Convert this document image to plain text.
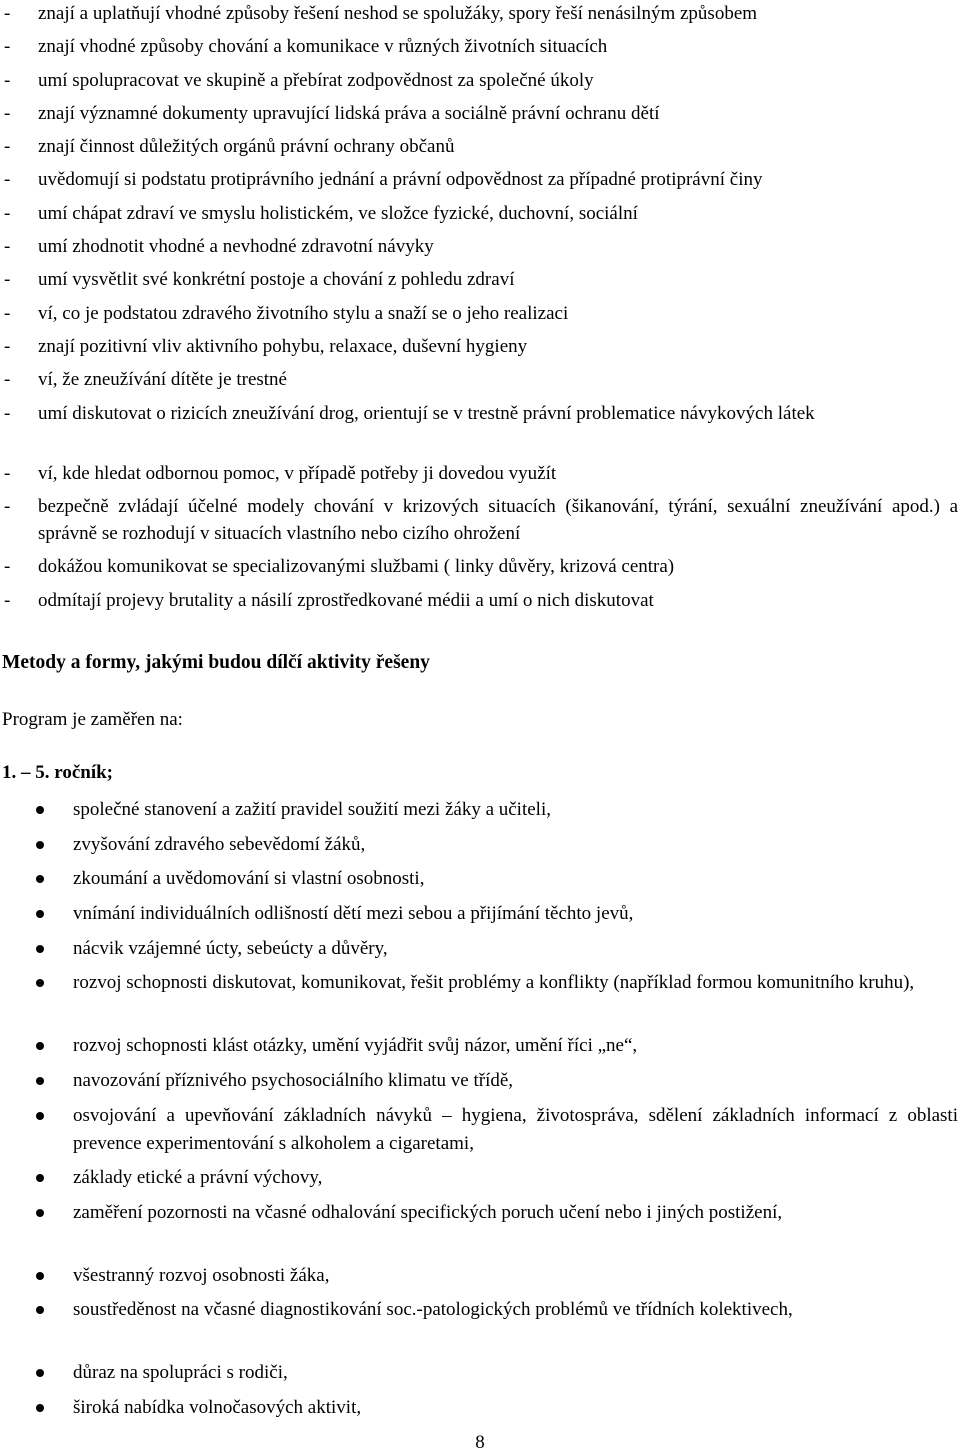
- znají a uplatňují vhodné způsoby řešení neshod se spolužáky, spory řeší nenásilným způsobem
- znají vhodné způsoby chování a komunikace v různých životních situacích
- umí spolupracovat ve skupině a přebírat zodpovědnost za společné úkoly
- znají významné dokumenty upravující lidská práva a sociálně právní ochranu dětí
- znají činnost důležitých orgánů právní ochrany občanů
- uvědomují si podstatu protiprávního jednání a právní odpovědnost za případné protiprávní činy
- umí chápat zdraví ve smyslu holistickém, ve složce fyzické, duchovní, sociální
- umí zhodnotit vhodné a nevhodné zdravotní návyky
- umí vysvětlit své konkrétní postoje a chování z pohledu zdraví
- ví, co je podstatou zdravého životního stylu a snaží se o jeho realizaci
- znají pozitivní vliv aktivního pohybu, relaxace, duševní hygieny
- ví, že zneužívání dítěte je trestné
- umí diskutovat o rizicích zneužívání drog, orientují se v trestně právní problematice návykových látek
- ví, kde hledat odbornou pomoc, v případě potřeby ji dovedou využít
- bezpečně zvládají účelné modely chování v krizových situacích (šikanování, týrání, sexuální zneužívání apod.) a správně se rozhodují v situacích vlastního nebo cizího ohrožení
- dokážou komunikovat se specializovanými službami ( linky důvěry, krizová centra)
- odmítají projevy brutality a násilí zprostředkované médii a umí o nich diskutovat
Metody a formy, jakými budou dílčí aktivity řešeny
Program je zaměřen na:
1. – 5. ročník;
společné stanovení a zažití pravidel soužití mezi žáky a učiteli,
zvyšování zdravého sebevědomí žáků,
zkoumání a uvědomování si vlastní osobnosti,
vnímání individuálních odlišností dětí mezi sebou a přijímání těchto jevů,
nácvik vzájemné úcty, sebeúcty a důvěry,
rozvoj schopnosti diskutovat, komunikovat, řešit problémy a konflikty (například formou komunitního kruhu),
rozvoj schopnosti klást otázky, umění vyjádřit svůj názor, umění říci „ne“,
navozování příznivého psychosociálního klimatu ve třídě,
osvojování a upevňování základních návyků – hygiena, životospráva, sdělení základních informací z oblasti prevence experimentování s alkoholem a cigaretami,
základy etické a právní výchovy,
zaměření pozornosti na včasné odhalování specifických poruch učení nebo i jiných postižení,
všestranný rozvoj osobnosti žáka,
soustředěnost na včasné diagnostikování soc.-patologických problémů ve třídních kolektivech,
důraz na spolupráci s rodiči,
široká nabídka volnočasových aktivit,
8
